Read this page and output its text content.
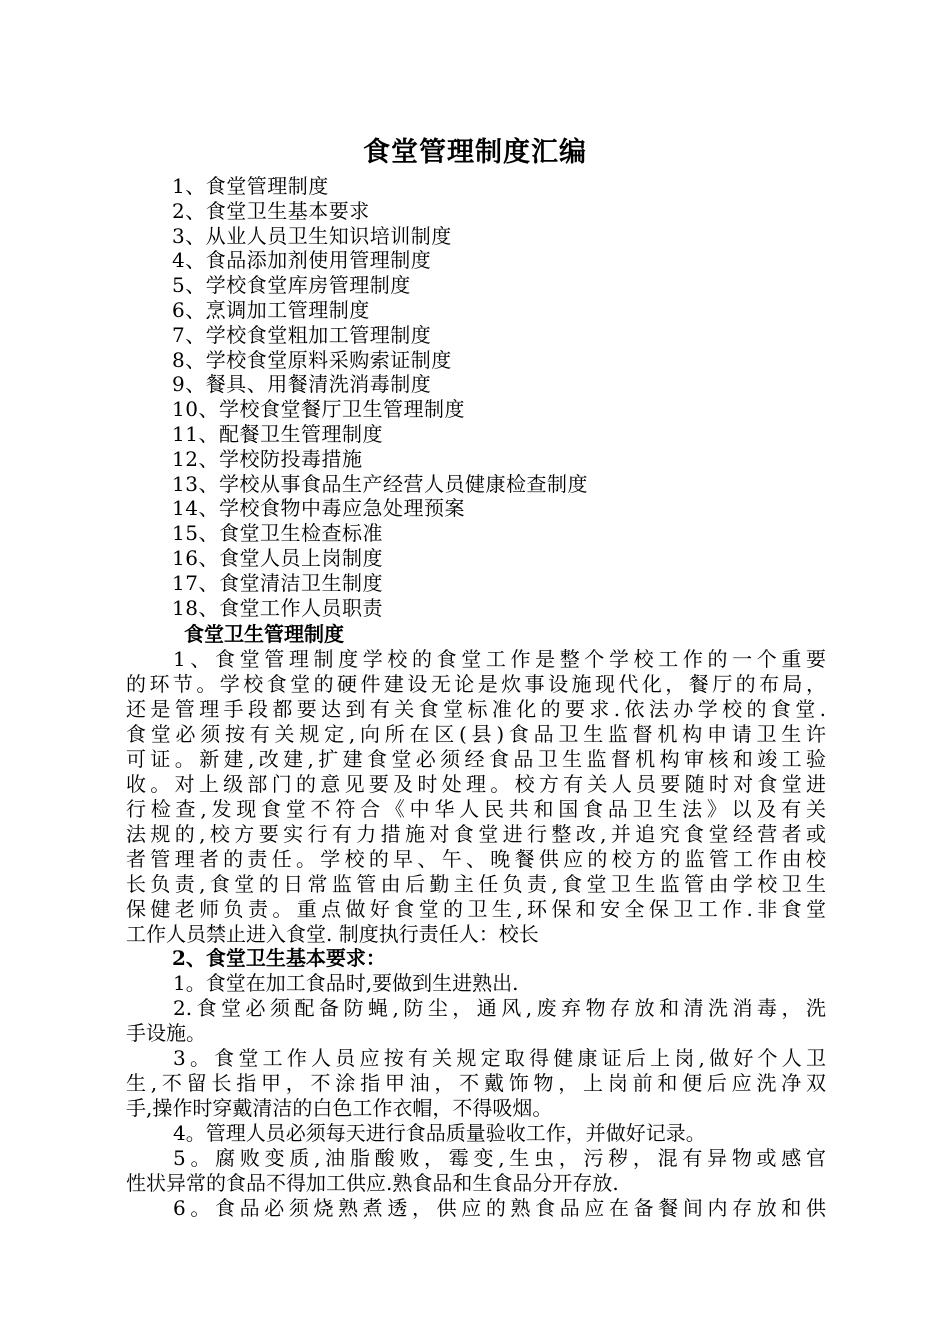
食堂管理制度汇编
1、食堂管理制度
2、食堂卫生基本要求
3、从业人员卫生知识培训制度
4、食品添加剂使用管理制度
5、学校食堂库房管理制度
6、烹调加工管理制度
7、学校食堂粗加工管理制度
8、学校食堂原料采购索证制度
9、餐具、用餐清洗消毒制度
10、学校食堂餐厅卫生管理制度
11、配餐卫生管理制度
12、学校防投毒措施
13、学校从事食品生产经营人员健康检查制度
14、学校食物中毒应急处理预案
15、食堂卫生检查标准
16、食堂人员上岗制度
17、食堂清洁卫生制度
18、食堂工作人员职责
食堂卫生管理制度
1、食堂管理制度学校的食堂工作是整个学校工作的一个重要
的环节。学校食堂的硬件建设无论是炊事设施现代化，餐厅的布局，
还是管理手段都要达到有关食堂标准化的要求.依法办学校的食堂.
食堂必须按有关规定,向所在区(县)食品卫生监督机构申请卫生许
可证。新建,改建,扩建食堂必须经食品卫生监督机构审核和竣工验
收。对上级部门的意见要及时处理。校方有关人员要随时对食堂进
行检查,发现食堂不符合《中华人民共和国食品卫生法》以及有关
法规的,校方要实行有力措施对食堂进行整改,并追究食堂经营者或
者管理者的责任。学校的早、午、晚餐供应的校方的监管工作由校
长负责,食堂的日常监管由后勤主任负责,食堂卫生监管由学校卫生
保健老师负责。重点做好食堂的卫生,环保和安全保卫工作.非食堂
工作人员禁止进入食堂. 制度执行责任人：校长
2、食堂卫生基本要求：
1。食堂在加工食品时,要做到生进熟出.
2.食堂必须配备防蝇,防尘，通风,废弃物存放和清洗消毒，洗
手设施。
3。食堂工作人员应按有关规定取得健康证后上岗,做好个人卫
生,不留长指甲，不涂指甲油，不戴饰物，上岗前和便后应洗净双
手,操作时穿戴清洁的白色工作衣帽，不得吸烟。
4。管理人员必须每天进行食品质量验收工作，并做好记录。
5。腐败变质,油脂酸败，霉变,生虫，污秽，混有异物或感官
性状异常的食品不得加工供应.熟食品和生食品分开存放.
6。食品必须烧熟煮透，供应的熟食品应在备餐间内存放和供
